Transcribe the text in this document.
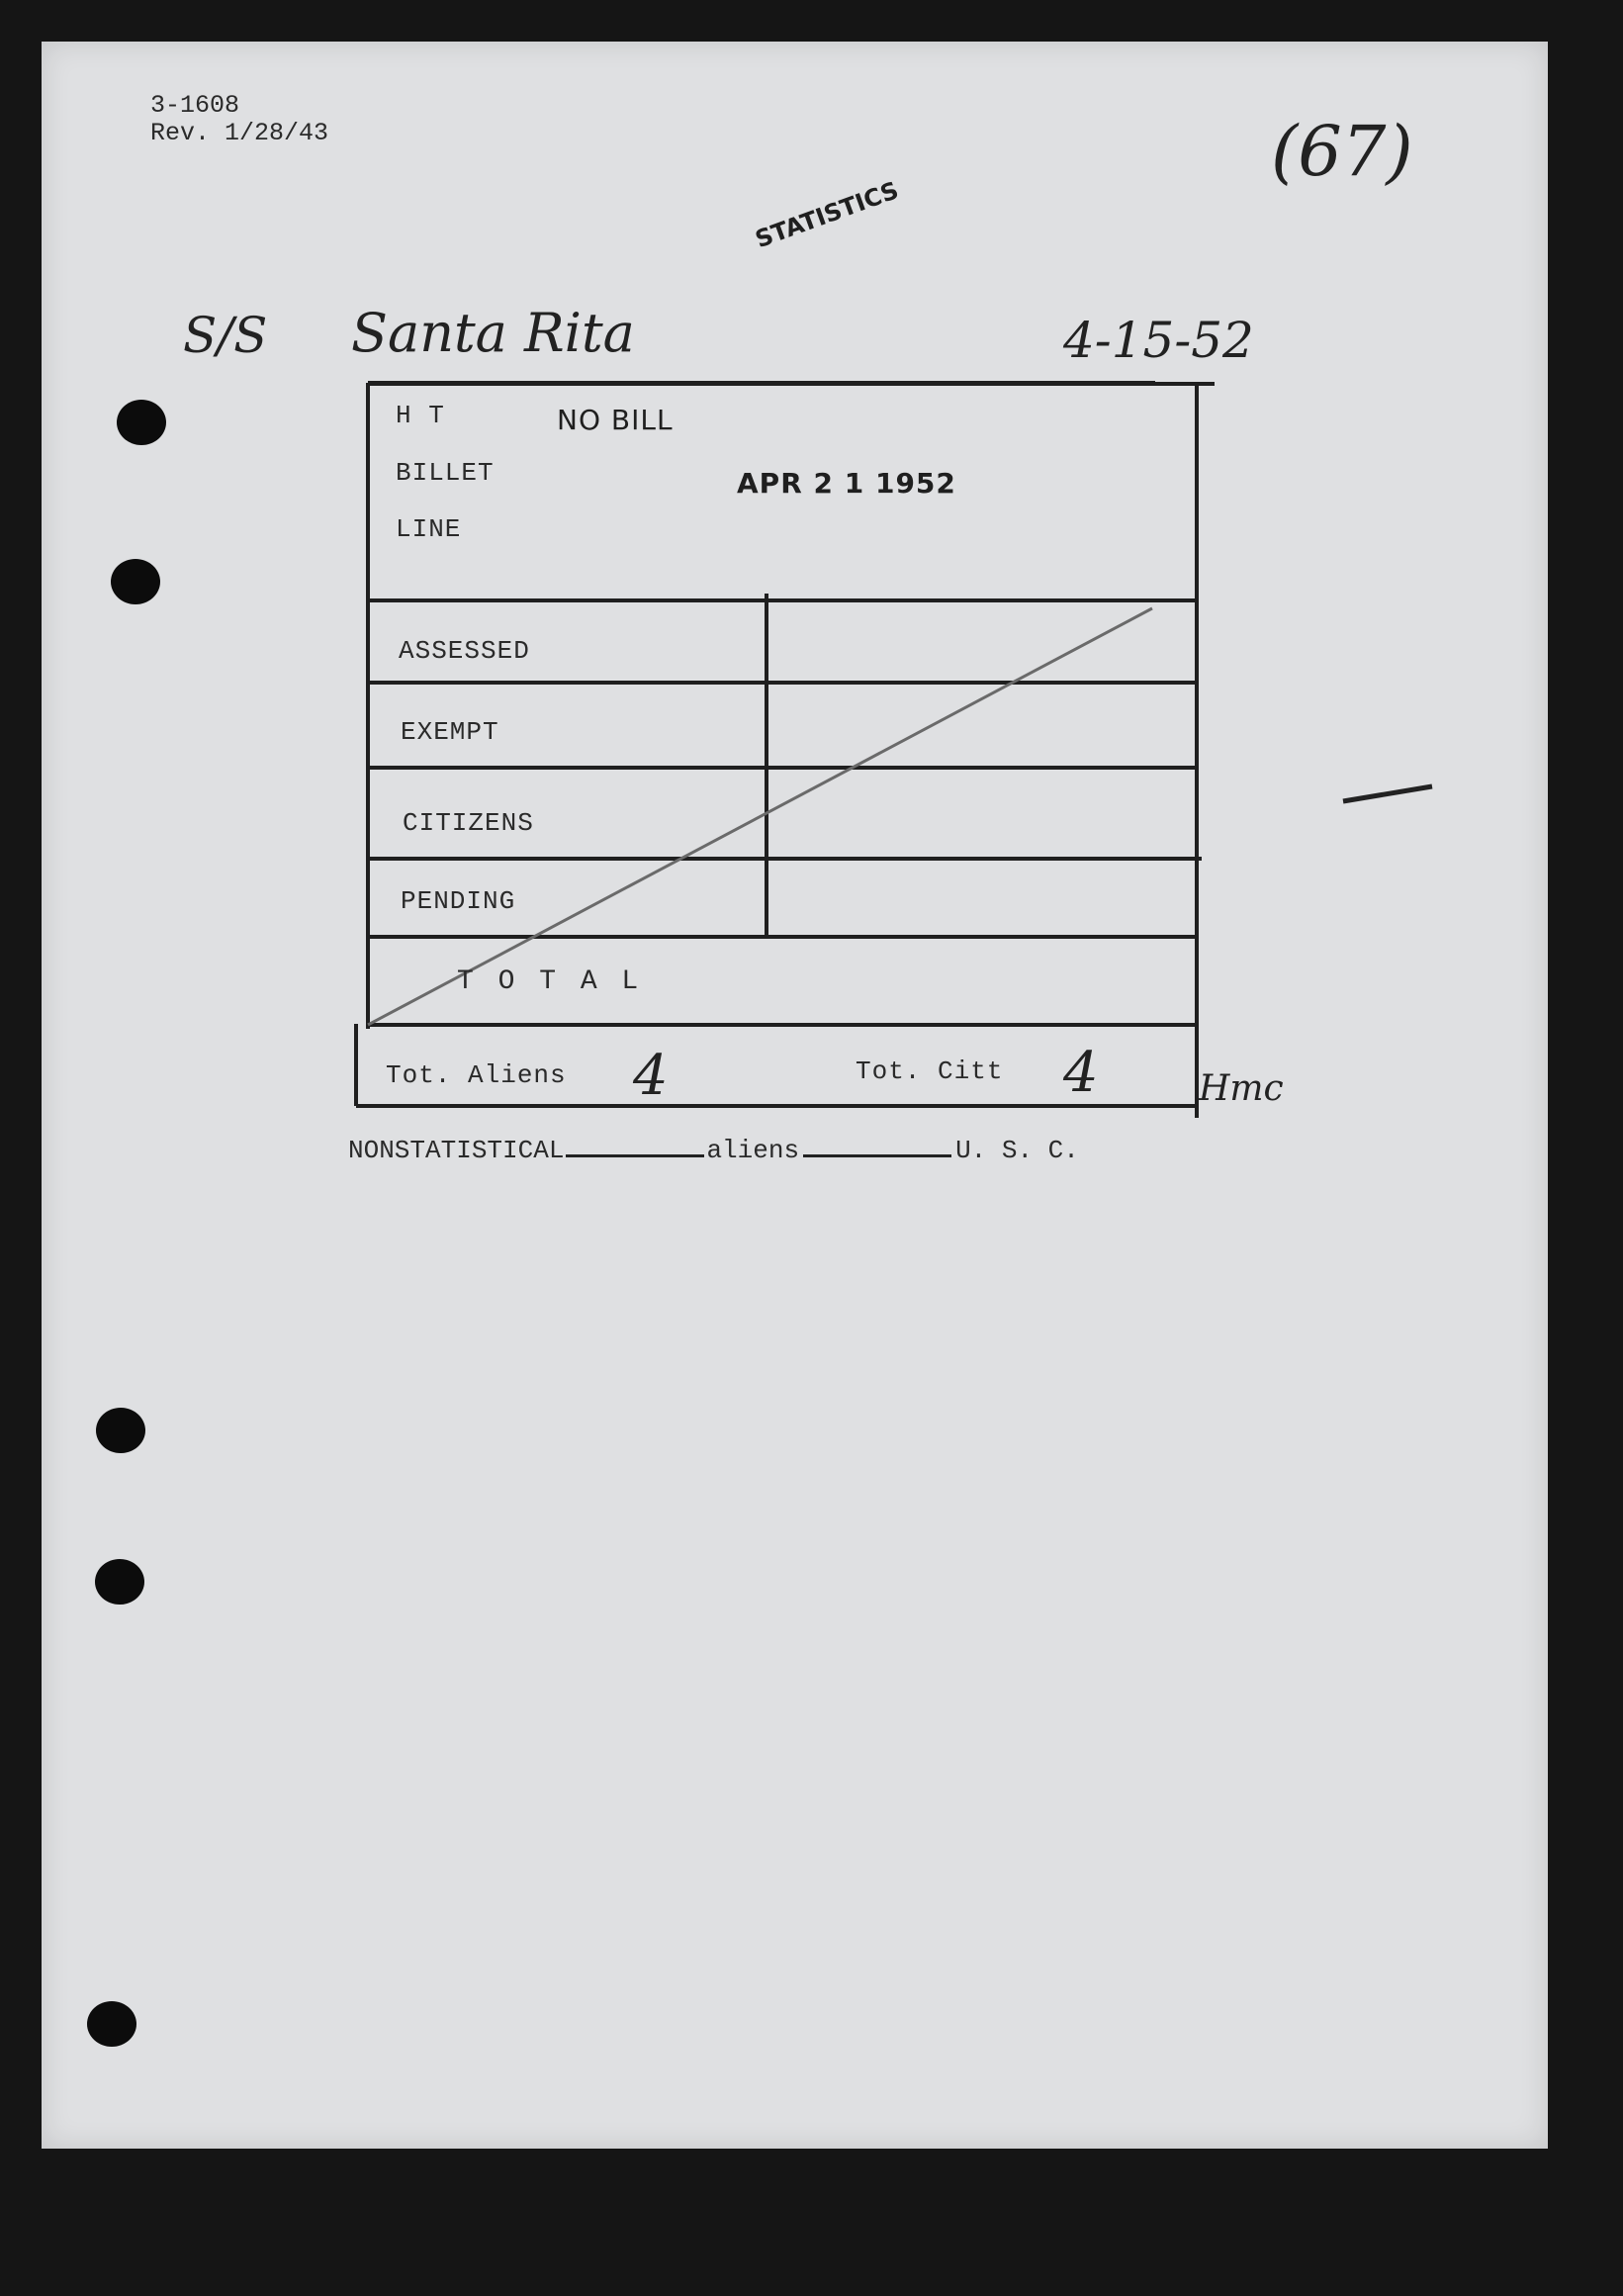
3-1608
Rev. 1/28/43	(67)
STATISTICS
S/S Santa Rita	4-15-52
H T	NO BILL
BILLET	APR 2 1 1952
LINE
ASSESSED
EXEMPT
CITIZENS
PENDING
T O T A L
Tot. Aliens 4	Tot. Citt 4	Hmc
NONSTATISTICAL	aliens	U. S. C.
